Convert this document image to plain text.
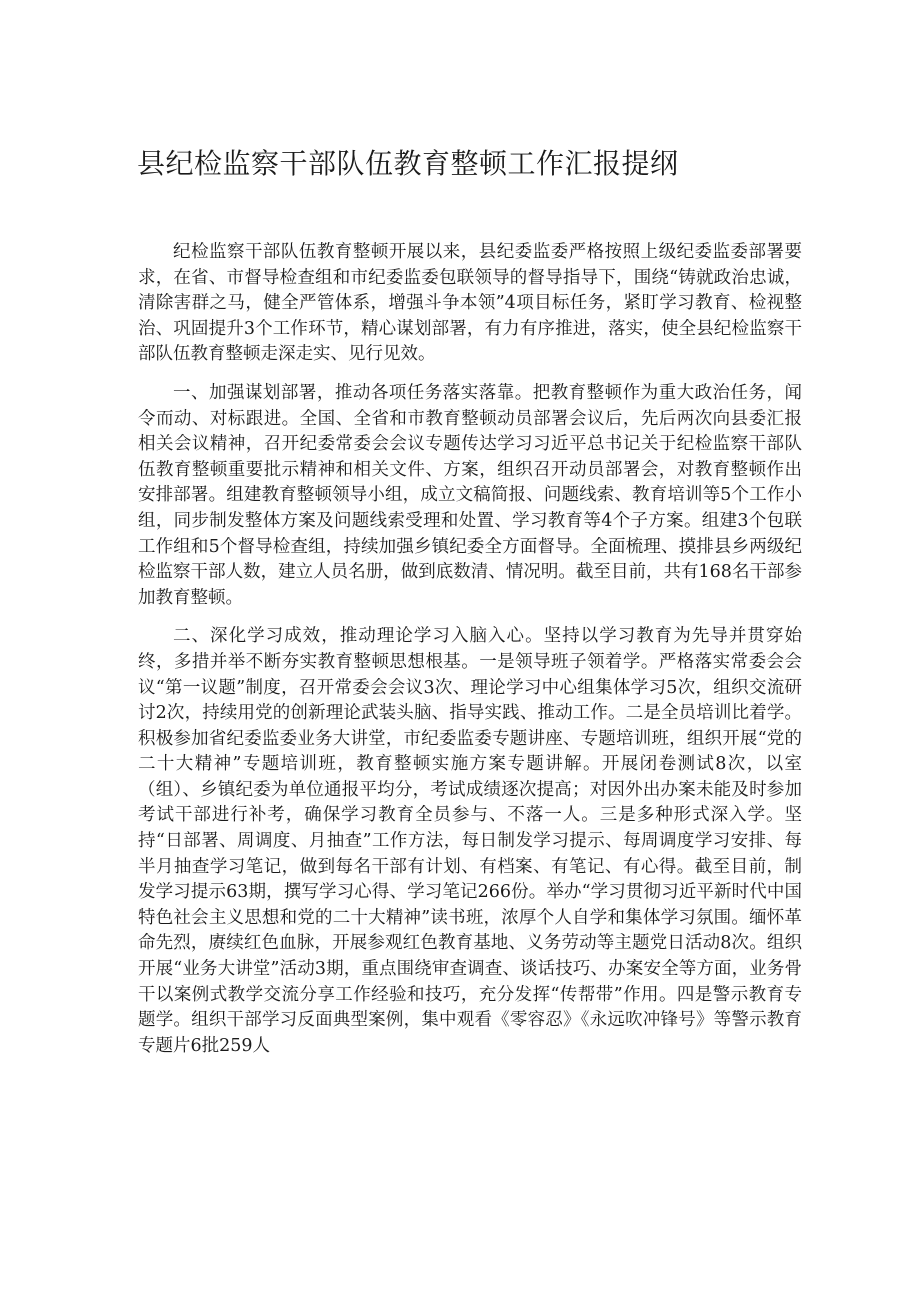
县纪检监察干部队伍教育整顿工作汇报提纲

纪检监察干部队伍教育整顿开展以来，县纪委监委严格按照上级纪委监委部署要求，在省、市督导检查组和市纪委监委包联领导的督导指导下，围绕“铸就政治忠诚，清除害群之马，健全严管体系，增强斗争本领”4项目标任务，紧盯学习教育、检视整治、巩固提升3个工作环节，精心谋划部署，有力有序推进，落实，使全县纪检监察干部队伍教育整顿走深走实、见行见效。

一、加强谋划部署，推动各项任务落实落靠。把教育整顿作为重大政治任务，闻令而动、对标跟进。全国、全省和市教育整顿动员部署会议后，先后两次向县委汇报相关会议精神，召开纪委常委会会议专题传达学习习近平总书记关于纪检监察干部队伍教育整顿重要批示精神和相关文件、方案，组织召开动员部署会，对教育整顿作出安排部署。组建教育整顿领导小组，成立文稿简报、问题线索、教育培训等5个工作小组，同步制发整体方案及问题线索受理和处置、学习教育等4个子方案。组建3个包联工作组和5个督导检查组，持续加强乡镇纪委全方面督导。全面梳理、摸排县乡两级纪检监察干部人数，建立人员名册，做到底数清、情况明。截至目前，共有168名干部参加教育整顿。

二、深化学习成效，推动理论学习入脑入心。坚持以学习教育为先导并贯穿始终，多措并举不断夯实教育整顿思想根基。一是领导班子领着学。严格落实常委会会议“第一议题”制度，召开常委会会议3次、理论学习中心组集体学习5次，组织交流研讨2次，持续用党的创新理论武装头脑、指导实践、推动工作。二是全员培训比着学。积极参加省纪委监委业务大讲堂，市纪委监委专题讲座、专题培训班，组织开展“党的二十大精神”专题培训班，教育整顿实施方案专题讲解。开展闭卷测试8次，以室（组）、乡镇纪委为单位通报平均分，考试成绩逐次提高；对因外出办案未能及时参加考试干部进行补考，确保学习教育全员参与、不落一人。三是多种形式深入学。坚持“日部署、周调度、月抽查”工作方法，每日制发学习提示、每周调度学习安排、每半月抽查学习笔记，做到每名干部有计划、有档案、有笔记、有心得。截至目前，制发学习提示63期，撰写学习心得、学习笔记266份。举办“学习贯彻习近平新时代中国特色社会主义思想和党的二十大精神”读书班，浓厚个人自学和集体学习氛围。缅怀革命先烈，赓续红色血脉，开展参观红色教育基地、义务劳动等主题党日活动8次。组织开展“业务大讲堂”活动3期，重点围绕审查调查、谈话技巧、办案安全等方面，业务骨干以案例式教学交流分享工作经验和技巧，充分发挥“传帮带”作用。四是警示教育专题学。组织干部学习反面典型案例，集中观看《零容忍》《永远吹冲锋号》等警示教育专题片6批259人
